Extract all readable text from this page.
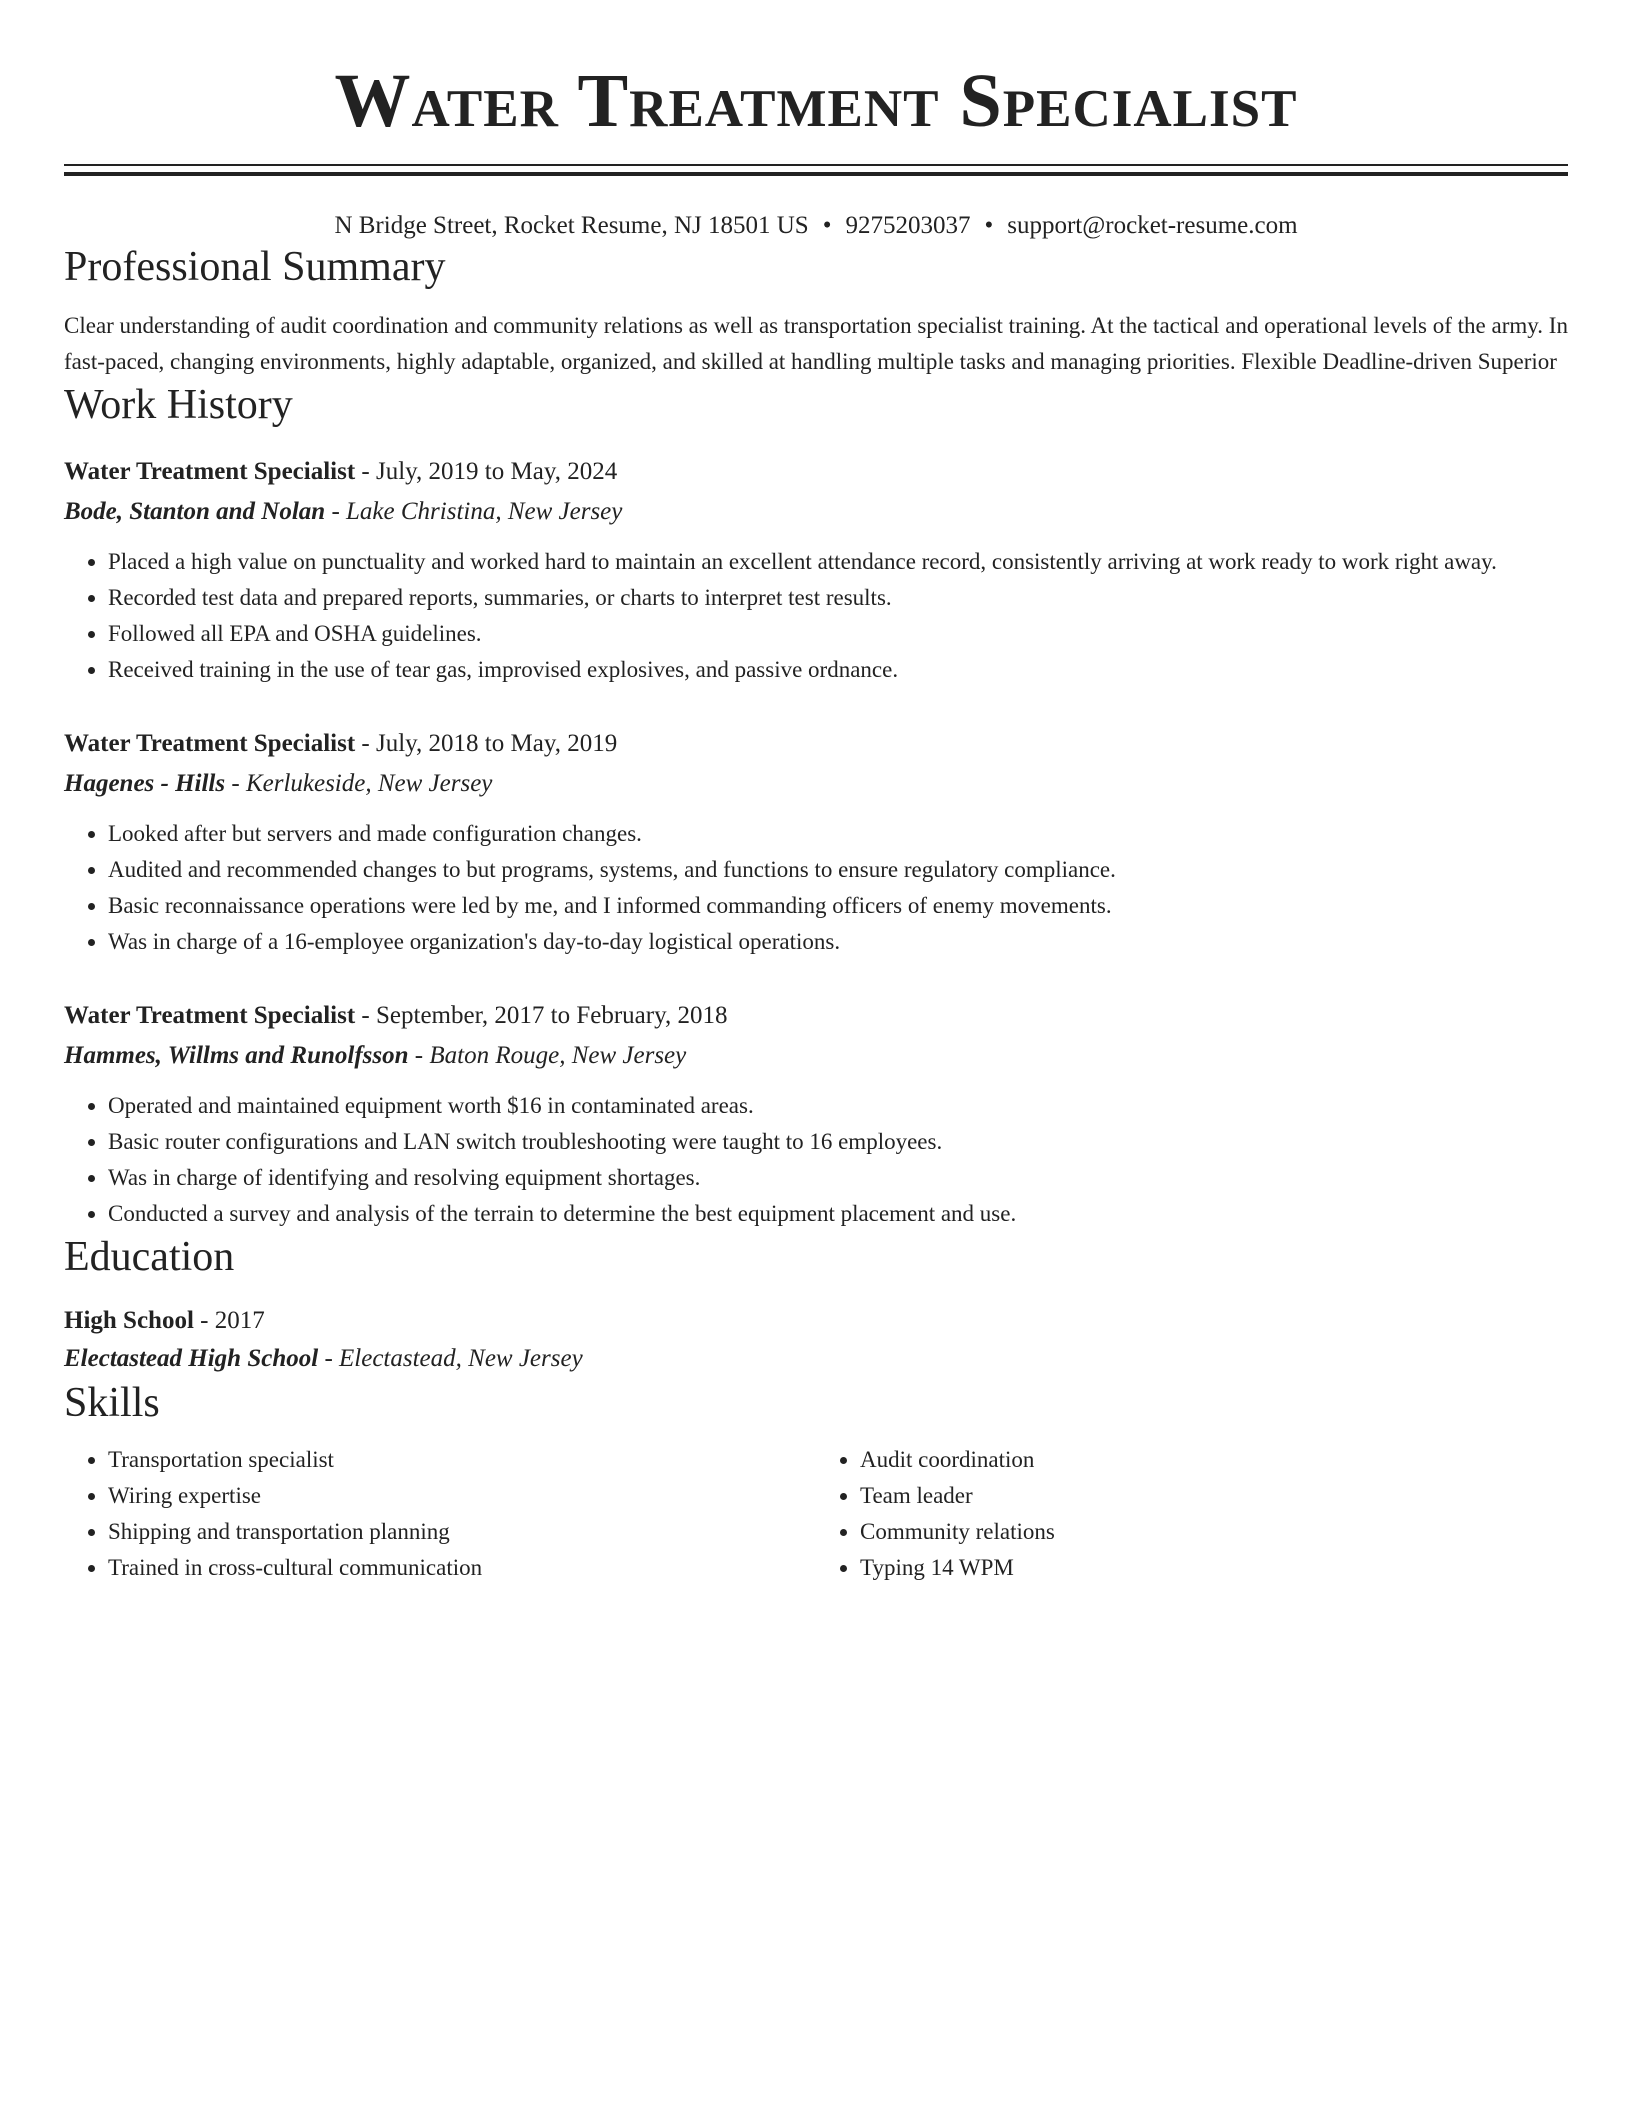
Water Treatment Specialist
N Bridge Street, Rocket Resume, NJ 18501 US • 9275203037 • support@rocket-resume.com
Professional Summary
Clear understanding of audit coordination and community relations as well as transportation specialist training. At the tactical and operational levels of the army. In fast-paced, changing environments, highly adaptable, organized, and skilled at handling multiple tasks and managing priorities. Flexible Deadline-driven Superior
Work History
Water Treatment Specialist - July, 2019 to May, 2024
Bode, Stanton and Nolan - Lake Christina, New Jersey
• Placed a high value on punctuality and worked hard to maintain an excellent attendance record, consistently arriving at work ready to work right away.
• Recorded test data and prepared reports, summaries, or charts to interpret test results.
• Followed all EPA and OSHA guidelines.
• Received training in the use of tear gas, improvised explosives, and passive ordnance.
Water Treatment Specialist - July, 2018 to May, 2019
Hagenes - Hills - Kerlukeside, New Jersey
• Looked after but servers and made configuration changes.
• Audited and recommended changes to but programs, systems, and functions to ensure regulatory compliance.
• Basic reconnaissance operations were led by me, and I informed commanding officers of enemy movements.
• Was in charge of a 16-employee organization's day-to-day logistical operations.
Water Treatment Specialist - September, 2017 to February, 2018
Hammes, Willms and Runolfsson - Baton Rouge, New Jersey
• Operated and maintained equipment worth $16 in contaminated areas.
• Basic router configurations and LAN switch troubleshooting were taught to 16 employees.
• Was in charge of identifying and resolving equipment shortages.
• Conducted a survey and analysis of the terrain to determine the best equipment placement and use.
Education
High School - 2017
Electastead High School - Electastead, New Jersey
Skills
• Transportation specialist
• Wiring expertise
• Shipping and transportation planning
• Trained in cross-cultural communication
• Audit coordination
• Team leader
• Community relations
• Typing 14 WPM
